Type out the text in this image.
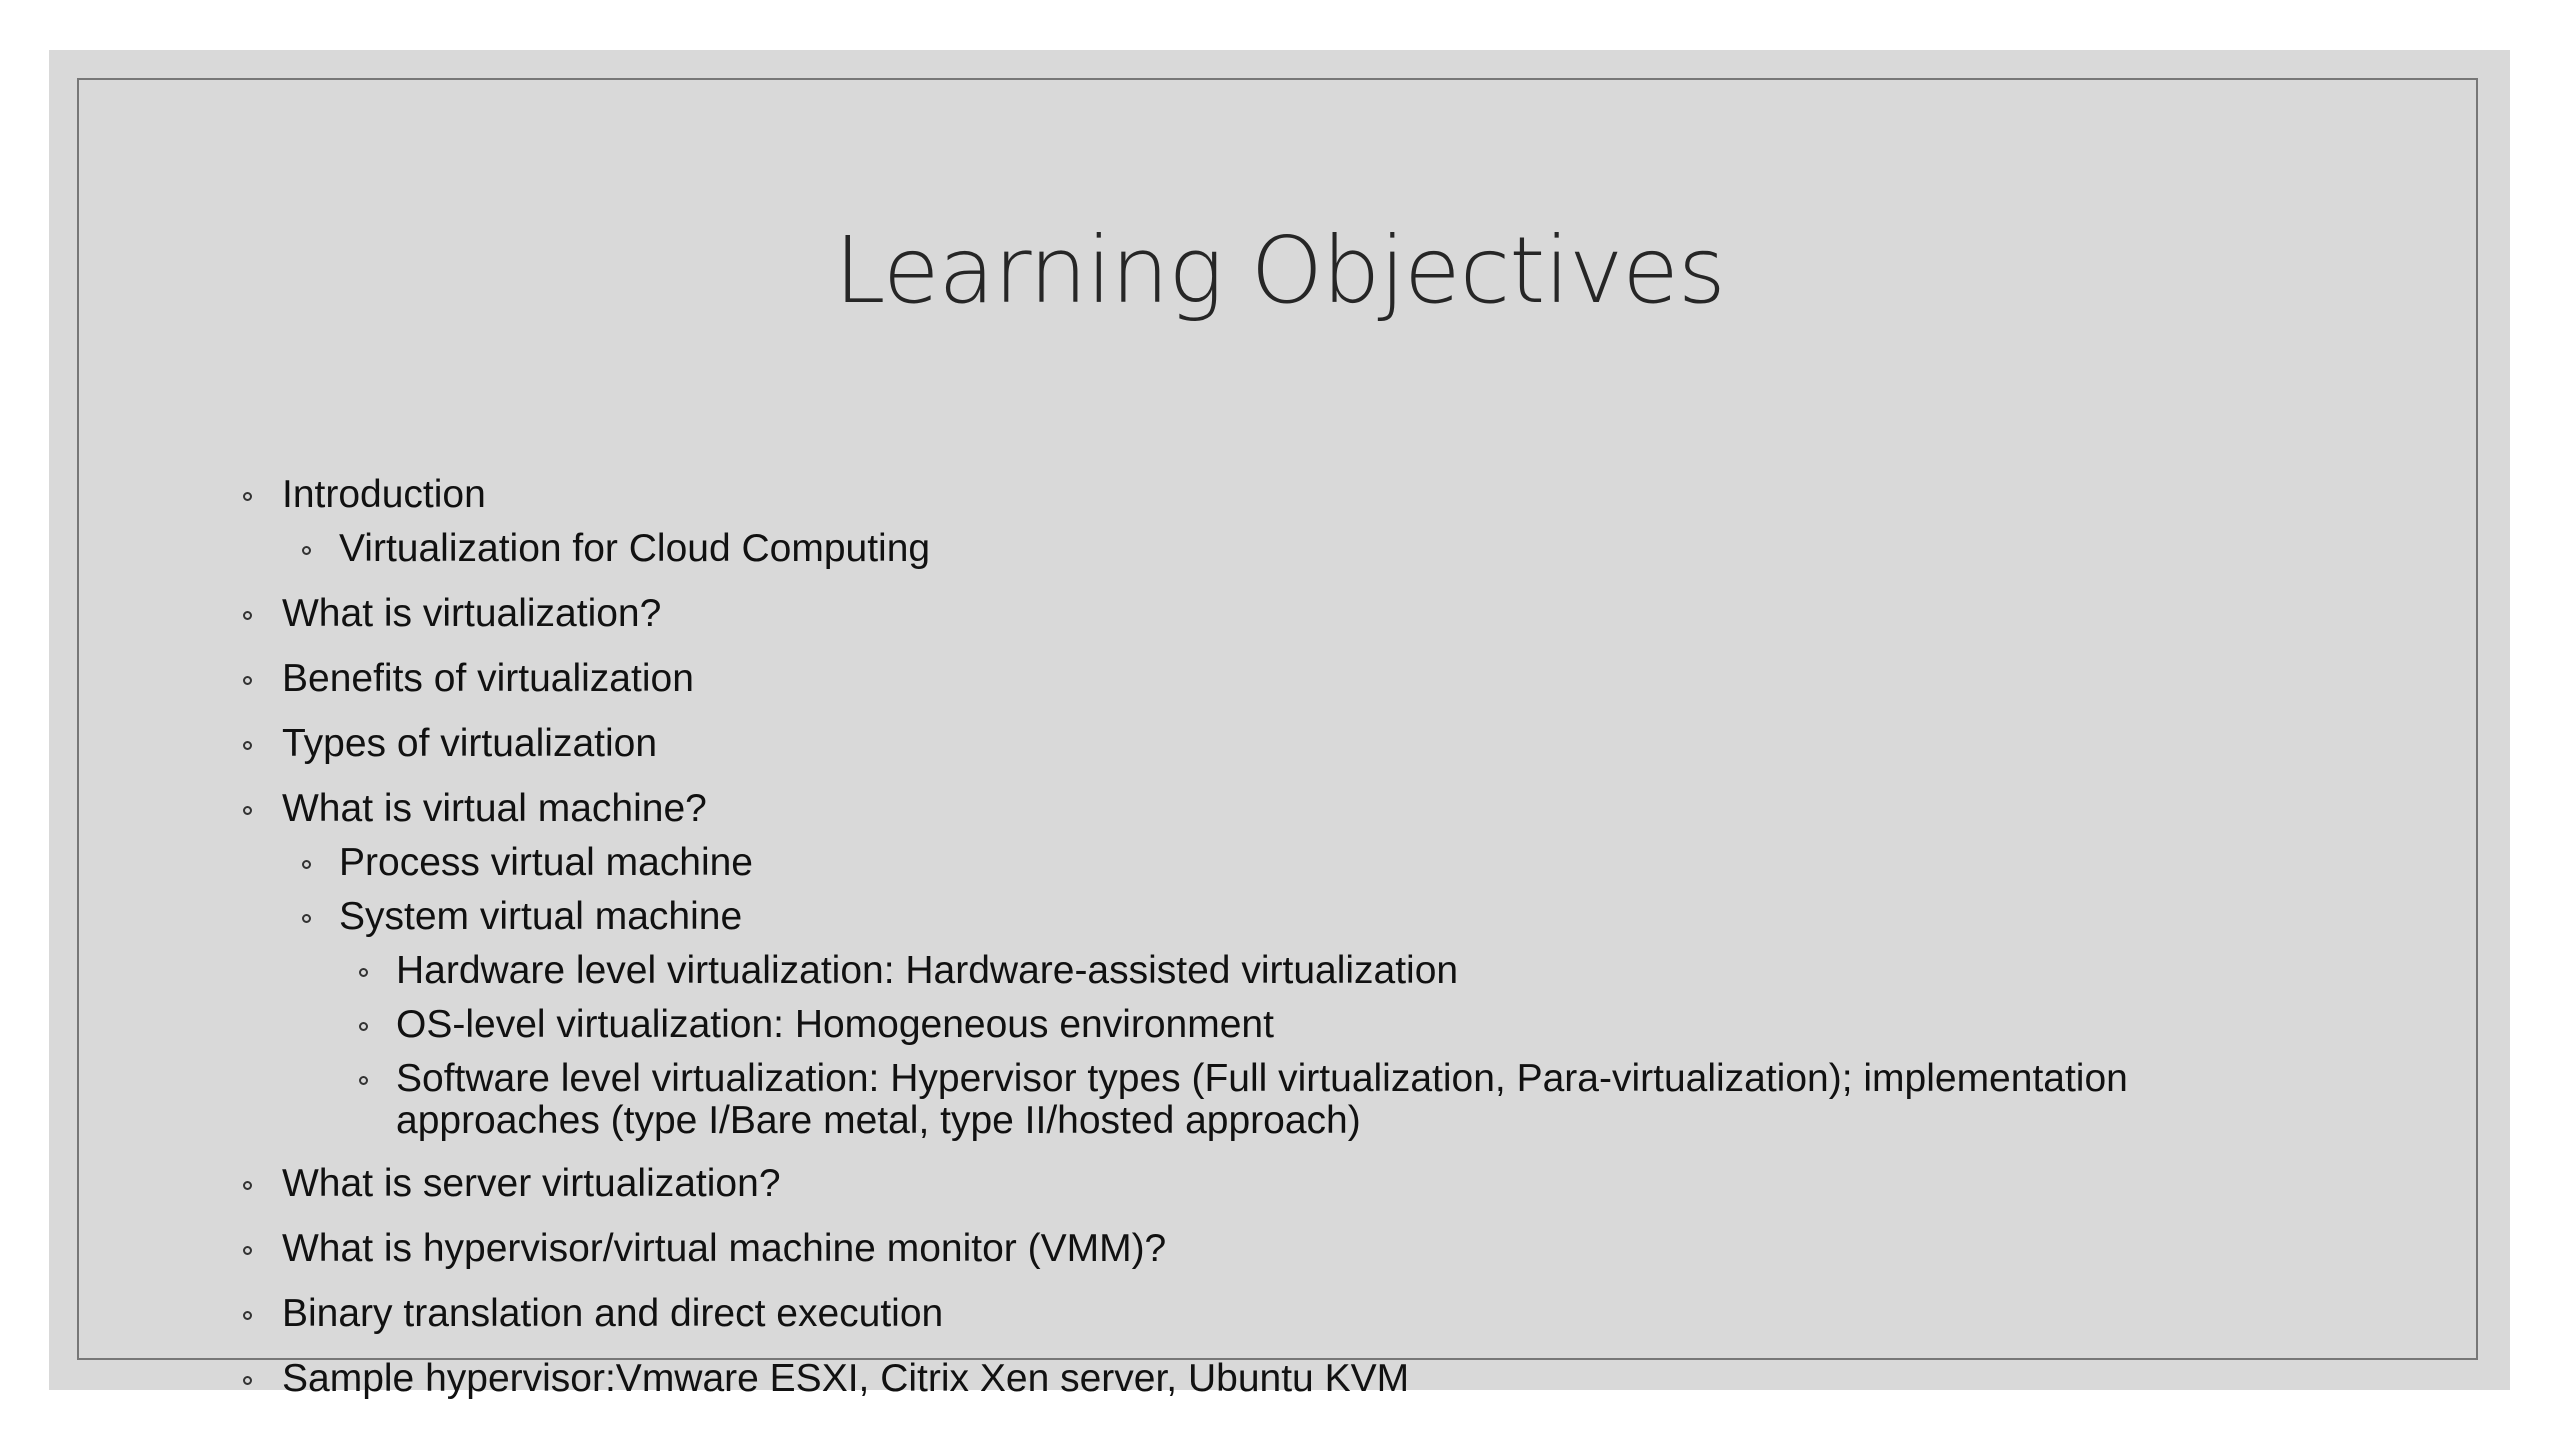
Learning Objectives
Introduction
Virtualization for Cloud Computing
What is virtualization?
Benefits of virtualization
Types of virtualization
What is virtual machine?
Process virtual machine
System virtual machine
Hardware level virtualization: Hardware-assisted virtualization
OS-level virtualization: Homogeneous environment
Software level virtualization: Hypervisor types (Full virtualization, Para-virtualization); implementation
approaches (type I/Bare metal, type II/hosted approach)
What is server virtualization?
What is hypervisor/virtual machine monitor (VMM)?
Binary translation and direct execution
Sample hypervisor:Vmware ESXI, Citrix Xen server, Ubuntu KVM
